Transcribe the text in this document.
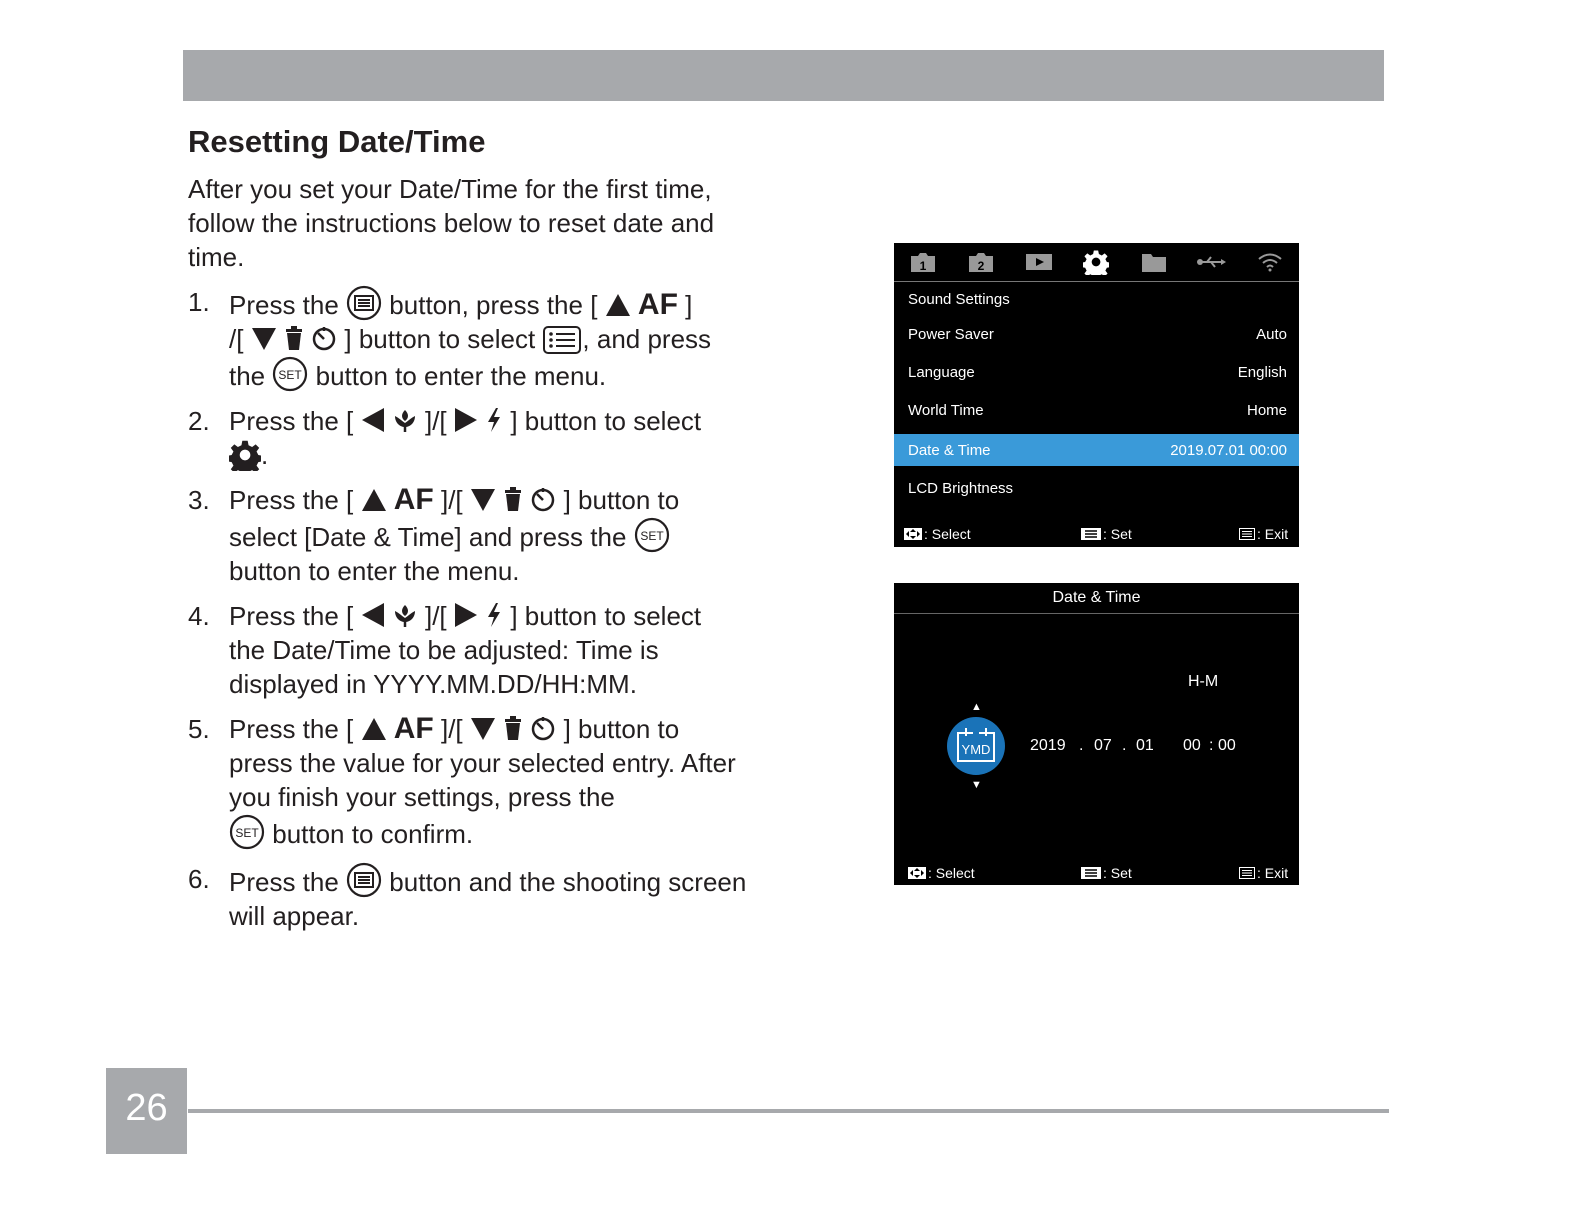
Resetting Date/Time

After you set your Date/Time for the first time, follow the instructions below to reset date and time.

1. Press the button, press the [ AF ]
/[	] button to select , and press
the button to enter the menu.
2. Press the [	]/[ ] button to select
.
3. Press the [ AF ]/[	] button to
select [Date & Time] and press the
button to enter the menu.
4. Press the [	]/[ ] button to select
the Date/Time to be adjusted: Time is displayed in YYYY.MM.DD/HH:MM.
5. Press the [ AF ]/[	] button to
press the value for your selected entry. After you finish your settings, press the
button to confirm.
6. Press the button and the shooting screen will appear.
1	2
Sound Settings
Power Saver	Auto
Language	English
World Time	Home
Date & Time	2019.07.01 00:00
LCD Brightness
: Select	: Set	: Exit
Date & Time
H-M
▲
YMD
▼
2019 . 07 . 01 00 : 00
: Select	: Set	: Exit
26
